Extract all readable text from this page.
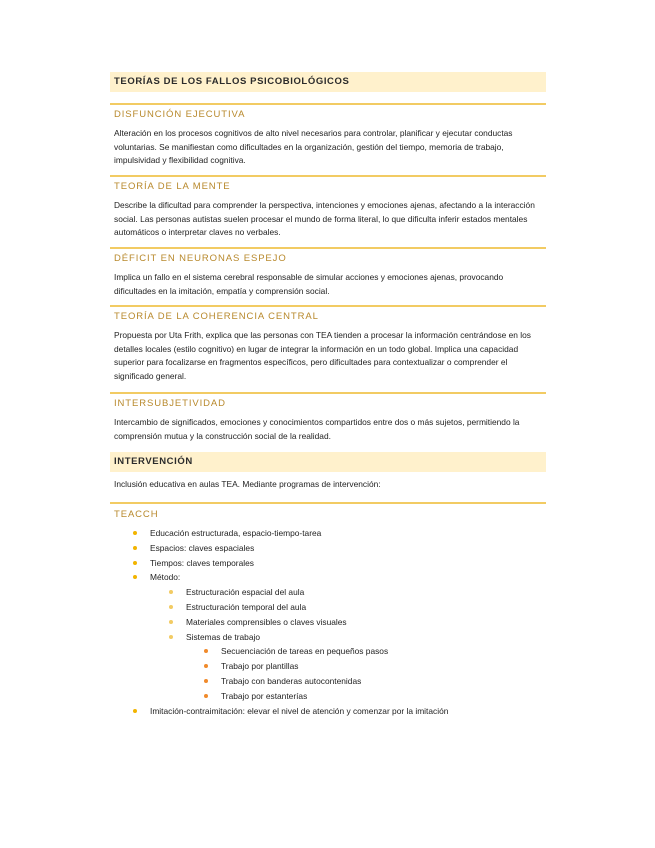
TEORÍAS DE LOS FALLOS PSICOBIOLÓGICOS
DISFUNCIÓN EJECUTIVA
Alteración en los procesos cognitivos de alto nivel necesarios para controlar, planificar y ejecutar conductas voluntarias. Se manifiestan como dificultades en la organización, gestión del tiempo, memoria de trabajo, impulsividad y flexibilidad cognitiva.
TEORÍA DE LA MENTE
Describe la dificultad para comprender la perspectiva, intenciones y emociones ajenas, afectando a la interacción social. Las personas autistas suelen procesar el mundo de forma literal, lo que dificulta inferir estados mentales automáticos o interpretar claves no verbales.
DÉFICIT EN NEURONAS ESPEJO
Implica un fallo en el sistema cerebral responsable de simular acciones y emociones ajenas, provocando dificultades en la imitación, empatía y comprensión social.
TEORÍA DE LA COHERENCIA CENTRAL
Propuesta por Uta Frith, explica que las personas con TEA tienden a procesar la información centrándose en los detalles locales (estilo cognitivo) en lugar de integrar la información en un todo global. Implica una capacidad superior para focalizarse en fragmentos específicos, pero dificultades para contextualizar o comprender el significado general.
INTERSUBJETIVIDAD
Intercambio de significados, emociones y conocimientos compartidos entre dos o más sujetos, permitiendo la comprensión mutua y la construcción social de la realidad.
INTERVENCIÓN
Inclusión educativa en aulas TEA. Mediante programas de intervención:
TEACCH
Educación estructurada, espacio-tiempo-tarea
Espacios: claves espaciales
Tiempos: claves temporales
Método:
Estructuración espacial del aula
Estructuración temporal del aula
Materiales comprensibles o claves visuales
Sistemas de trabajo
Secuenciación de tareas en pequeños pasos
Trabajo por plantillas
Trabajo con banderas autocontenidas
Trabajo por estanterías
Imitación-contraimitación: elevar el nivel de atención y comenzar por la imitación
